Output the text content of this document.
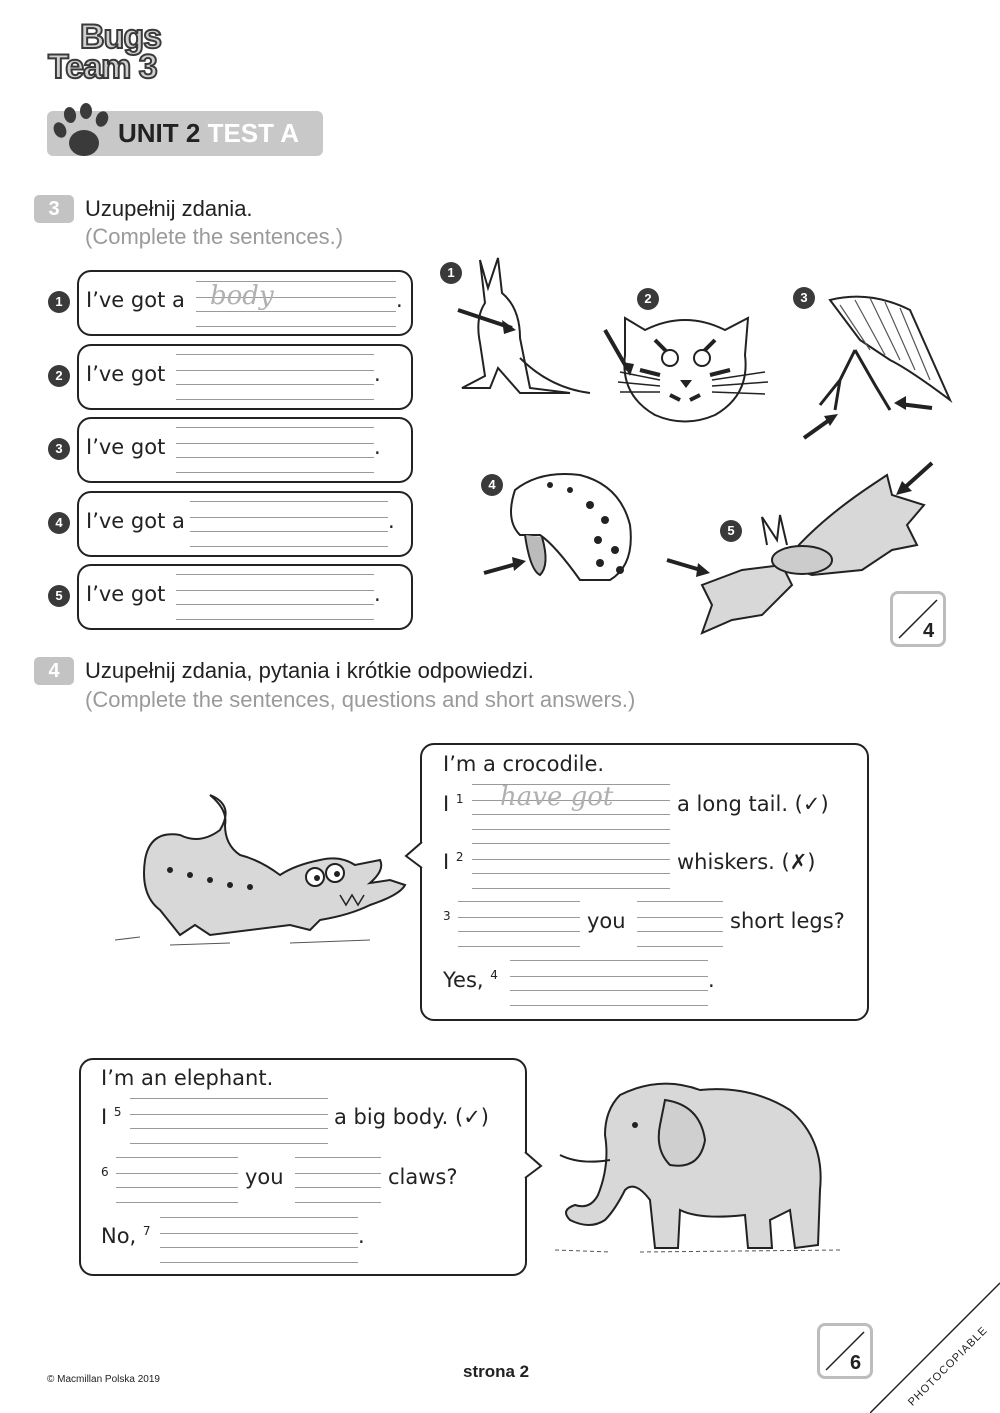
Bugs
Team 3
UNIT 2 TEST A
3	Uzupełnij zdania.
(Complete the sentences.)
1	I’ve got a body	.
2	I’ve got	.
3	I’ve got	.
4	I’ve got a	.
5	I’ve got	.
1
2	3
4
5
4
4	Uzupełnij zdania, pytania i krótkie odpowiedzi.
(Complete the sentences, questions and short answers.)
I’m a crocodile.
I $^1$ have got	a long tail. (✓)
I $^2$	whiskers. (✗)
$^3$	you	short legs?
Yes, $^4$	.
I’m an elephant.
I $^5$	a big body. (✓)
$^6$	you	claws?
No, $^7$	.
6
© Macmillan Polska 2019	strona 2	PHOTOCOPIABLE
